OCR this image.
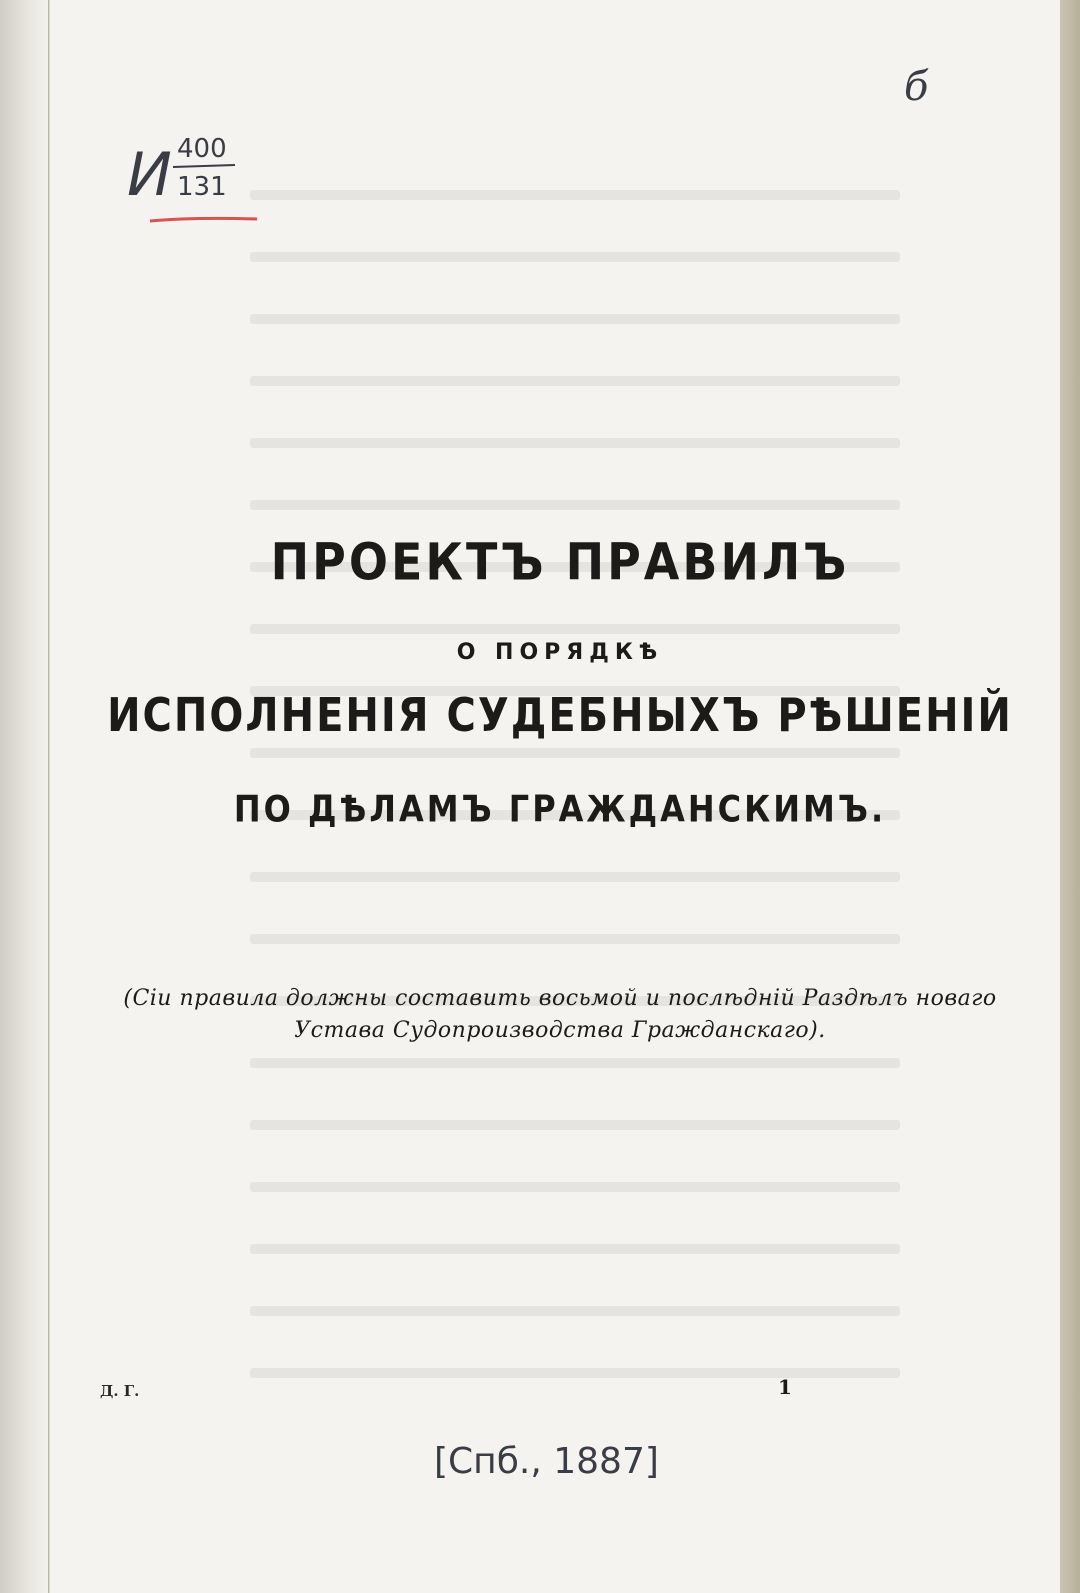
И 400
131
б
ПРОЕКТЪ ПРАВИЛЪ
О ПОРЯДКѢ
ИСПОЛНЕНІЯ СУДЕБНЫХЪ РѢШЕНІЙ
ПО ДѢЛАМЪ ГРАЖДАНСКИМЪ.
(Сіи правила должны составить восьмой и послѣдній Раздѣлъ новаго
Устава Судопроизводства Гражданскаго).
Д. Г.	1
[Спб., 1887]
